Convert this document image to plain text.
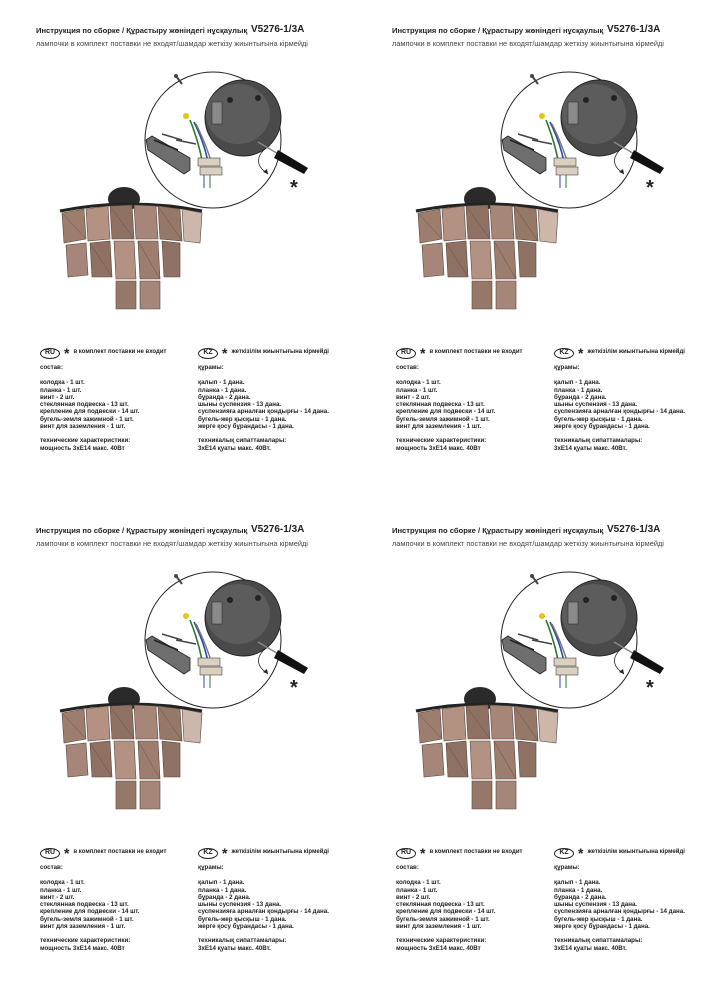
Инструкция по сборке / Құрастыру жөніндегі нұсқаулық V5276-1/3A
лампочки в комплект поставки не входят/шамдар жеткізу жиынтығына кірмейді
*
RU * в комплект поставки не входит
состав:
колодка - 1 шт.
планка - 1 шт.
винт - 2 шт.
стеклянная подвеска - 13 шт.
крепление для подвески - 14 шт.
бугель-земля зажимной - 1 шт.
винт для заземления - 1 шт.
технические характеристики:
мощность 3хЕ14 макс. 40Вт
KZ * жеткізілім жиынтығына кірмейді
құрамы:
қалып - 1 дана.
планка - 1 дана.
бұранда - 2 дана.
шыны суспензия - 13 дана.
суспензияға арналған қондырғы - 14 дана.
бугель-жер қысқыш - 1 дана.
жерге қосу бұрандасы - 1 дана.
техникалық сипаттамалары:
3хЕ14 қуаты макс. 40Вт.
Инструкция по сборке / Құрастыру жөніндегі нұсқаулық V5276-1/3A
лампочки в комплект поставки не входят/шамдар жеткізу жиынтығына кірмейді
*
RU * в комплект поставки не входит
состав:
колодка - 1 шт.
планка - 1 шт.
винт - 2 шт.
стеклянная подвеска - 13 шт.
крепление для подвески - 14 шт.
бугель-земля зажимной - 1 шт.
винт для заземления - 1 шт.
технические характеристики:
мощность 3хЕ14 макс. 40Вт
KZ * жеткізілім жиынтығына кірмейді
құрамы:
қалып - 1 дана.
планка - 1 дана.
бұранда - 2 дана.
шыны суспензия - 13 дана.
суспензияға арналған қондырғы - 14 дана.
бугель-жер қысқыш - 1 дана.
жерге қосу бұрандасы - 1 дана.
техникалық сипаттамалары:
3хЕ14 қуаты макс. 40Вт.
Инструкция по сборке / Құрастыру жөніндегі нұсқаулық V5276-1/3A
лампочки в комплект поставки не входят/шамдар жеткізу жиынтығына кірмейді
*
RU * в комплект поставки не входит
состав:
колодка - 1 шт.
планка - 1 шт.
винт - 2 шт.
стеклянная подвеска - 13 шт.
крепление для подвески - 14 шт.
бугель-земля зажимной - 1 шт.
винт для заземления - 1 шт.
технические характеристики:
мощность 3хЕ14 макс. 40Вт
KZ * жеткізілім жиынтығына кірмейді
құрамы:
қалып - 1 дана.
планка - 1 дана.
бұранда - 2 дана.
шыны суспензия - 13 дана.
суспензияға арналған қондырғы - 14 дана.
бугель-жер қысқыш - 1 дана.
жерге қосу бұрандасы - 1 дана.
техникалық сипаттамалары:
3хЕ14 қуаты макс. 40Вт.
Инструкция по сборке / Құрастыру жөніндегі нұсқаулық V5276-1/3A
лампочки в комплект поставки не входят/шамдар жеткізу жиынтығына кірмейді
*
RU * в комплект поставки не входит
состав:
колодка - 1 шт.
планка - 1 шт.
винт - 2 шт.
стеклянная подвеска - 13 шт.
крепление для подвески - 14 шт.
бугель-земля зажимной - 1 шт.
винт для заземления - 1 шт.
технические характеристики:
мощность 3хЕ14 макс. 40Вт
KZ * жеткізілім жиынтығына кірмейді
құрамы:
қалып - 1 дана.
планка - 1 дана.
бұранда - 2 дана.
шыны суспензия - 13 дана.
суспензияға арналған қондырғы - 14 дана.
бугель-жер қысқыш - 1 дана.
жерге қосу бұрандасы - 1 дана.
техникалық сипаттамалары:
3хЕ14 қуаты макс. 40Вт.
